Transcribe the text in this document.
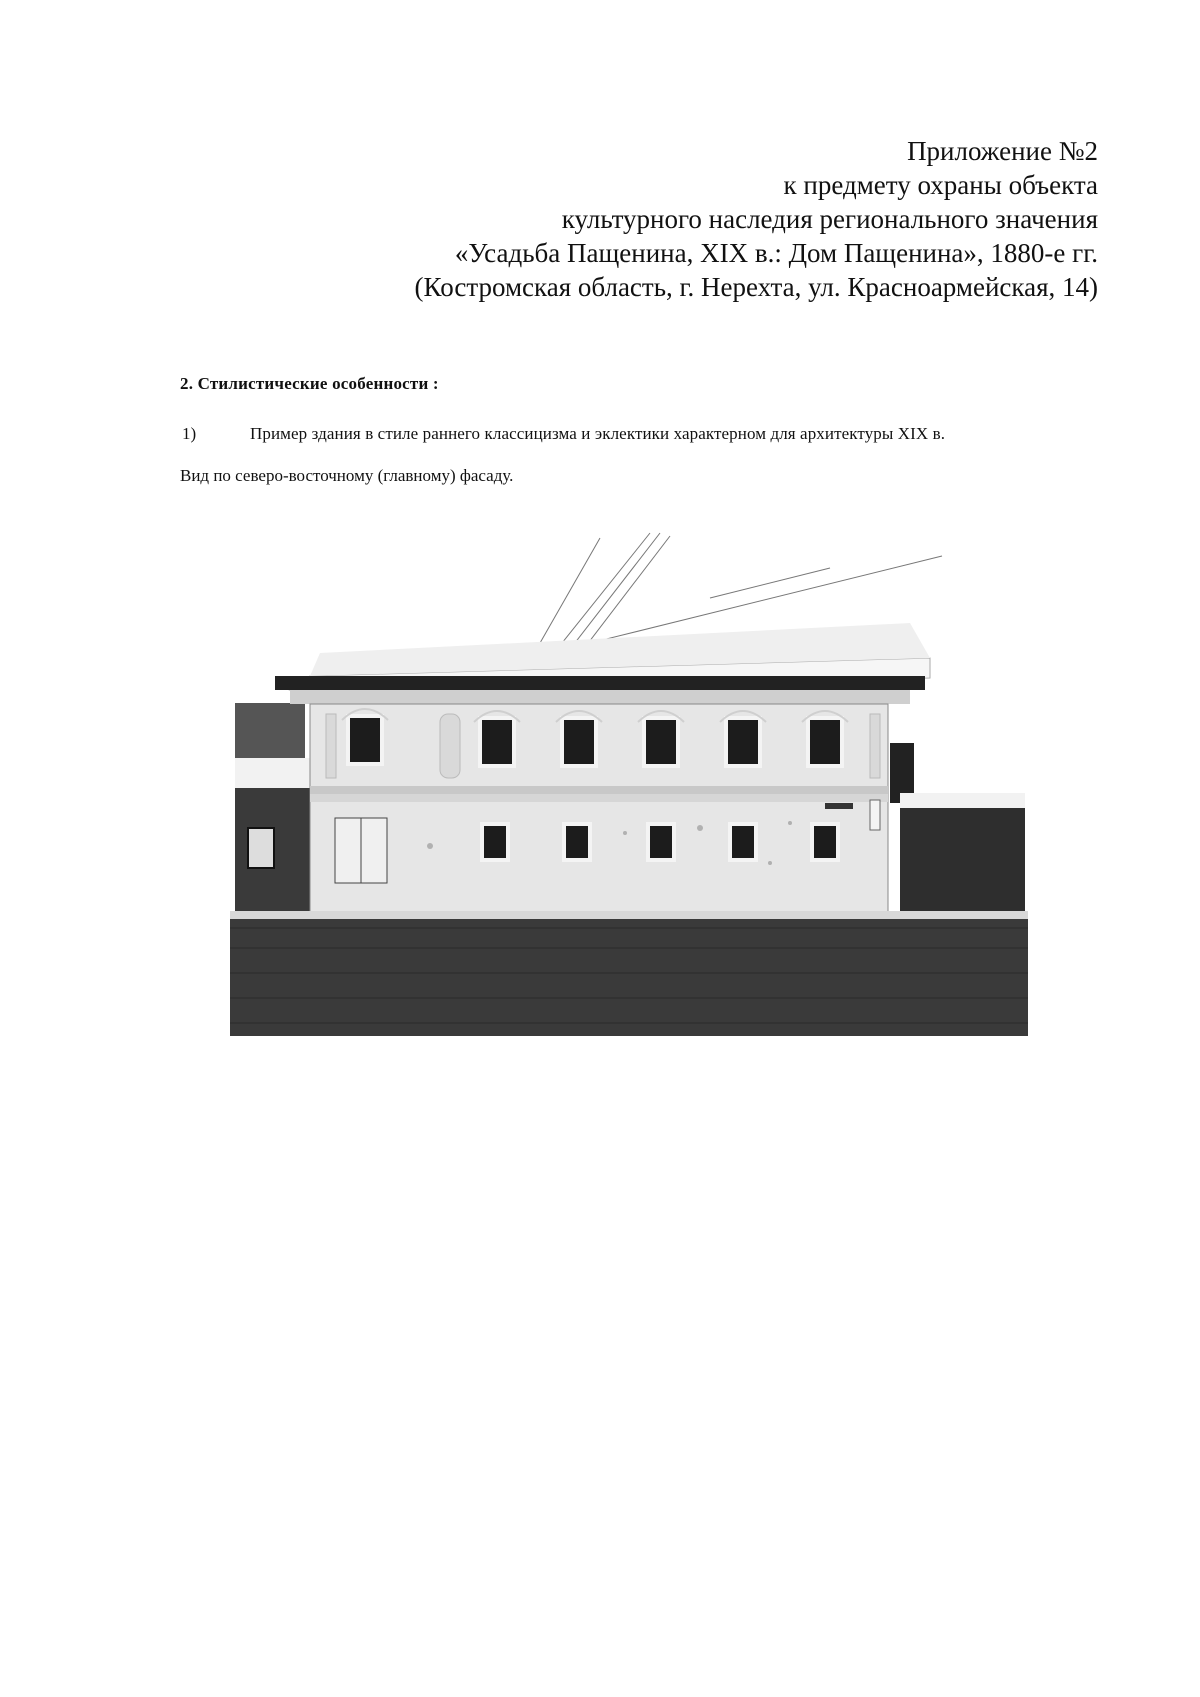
Приложение №2
к предмету охраны объекта
культурного наследия регионального значения
«Усадьба Пащенина, XIX в.: Дом Пащенина», 1880-е гг.
(Костромская область, г. Нерехта, ул. Красноармейская, 14)
2. Стилистические особенности :
1)	Пример здания в стиле раннего классицизма и эклектики характерном для архитектуры XIX в.
Вид по северо-восточному (главному) фасаду.
